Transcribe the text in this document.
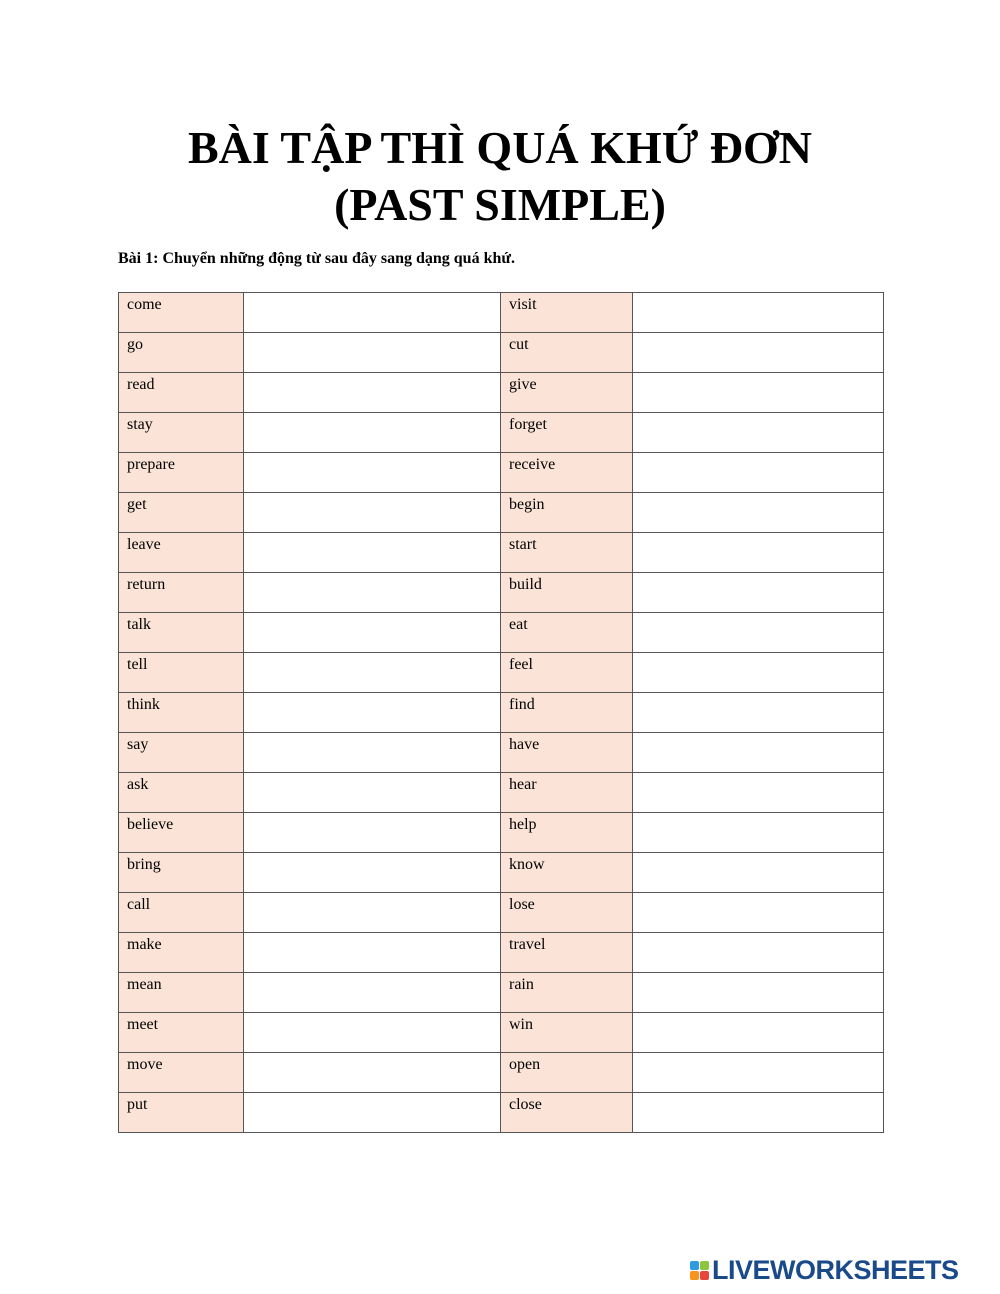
BÀI TẬP THÌ QUÁ KHỨ ĐƠN
(PAST SIMPLE)
Bài 1: Chuyển những động từ sau đây sang dạng quá khứ.
come		visit	
go		cut	
read		give	
stay		forget	
prepare		receive	
get		begin	
leave		start	
return		build	
talk		eat	
tell		feel	
think		find	
say		have	
ask		hear	
believe		help	
bring		know	
call		lose	
make		travel	
mean		rain	
meet		win	
move		open	
put		close	
LIVEWORKSHEETS
